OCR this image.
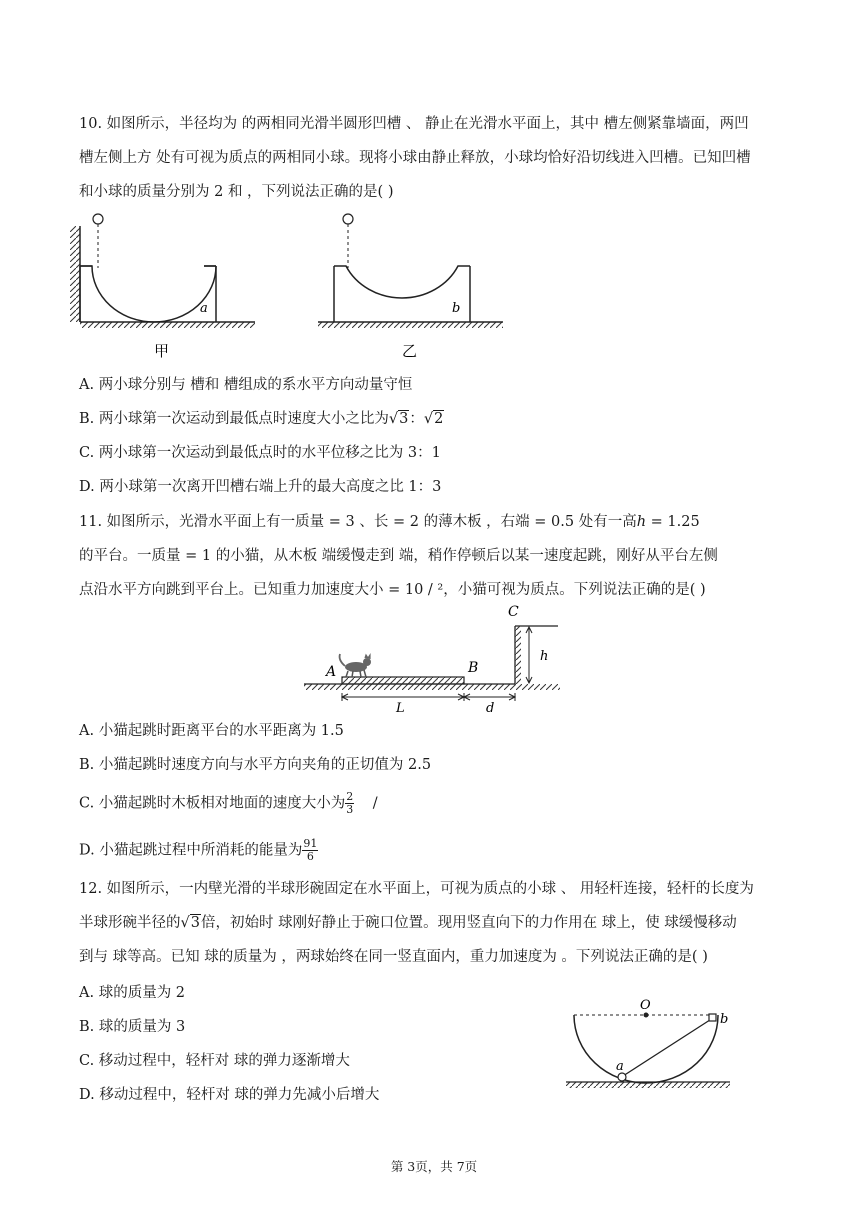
10. 如图所示，半径均为 的两相同光滑半圆形凹槽 、 静止在光滑水平面上，其中 槽左侧紧靠墙面，两凹
槽左侧上方 处有可视为质点的两相同小球。现将小球由静止释放，小球均恰好沿切线进入凹槽。已知凹槽
和小球的质量分别为 2 和 ，下列说法正确的是( )
a	b
甲	乙
A. 两小球分别与 槽和 槽组成的系水平方向动量守恒
B. 两小球第一次运动到最低点时速度大小之比为√3：√2
C. 两小球第一次运动到最低点时的水平位移之比为 3：1
D. 两小球第一次离开凹槽右端上升的最大高度之比 1：3
11. 如图所示，光滑水平面上有一质量 = 3 、长 = 2 的薄木板 ，右端 = 0.5 处有一高ℎ = 1.25
的平台。一质量 = 1 的小猫，从木板 端缓慢走到 端，稍作停顿后以某一速度起跳，刚好从平台左侧
点沿水平方向跳到平台上。已知重力加速度大小 = 10 / ²，小猫可视为质点。下列说法正确的是( )
h
C
A	B
L	d
A. 小猫起跳时距离平台的水平距离为 1.5
B. 小猫起跳时速度方向与水平方向夹角的正切值为 2.5
C. 小猫起跳时木板相对地面的速度大小为 $\frac{2}{3}$ /
D. 小猫起跳过程中所消耗的能量为 $\frac{91}{6}$
12. 如图所示，一内壁光滑的半球形碗固定在水平面上，可视为质点的小球 、 用轻杆连接，轻杆的长度为
半球形碗半径的√3倍，初始时 球刚好静止于碗口位置。现用竖直向下的力作用在 球上，使 球缓慢移动
到与 球等高。已知 球的质量为 ，两球始终在同一竖直面内，重力加速度为 。下列说法正确的是( )
A. 球的质量为 2
B. 球的质量为 3
C. 移动过程中，轻杆对 球的弹力逐渐增大
D. 移动过程中，轻杆对 球的弹力先减小后增大
O
a
b
第 3页，共 7页
